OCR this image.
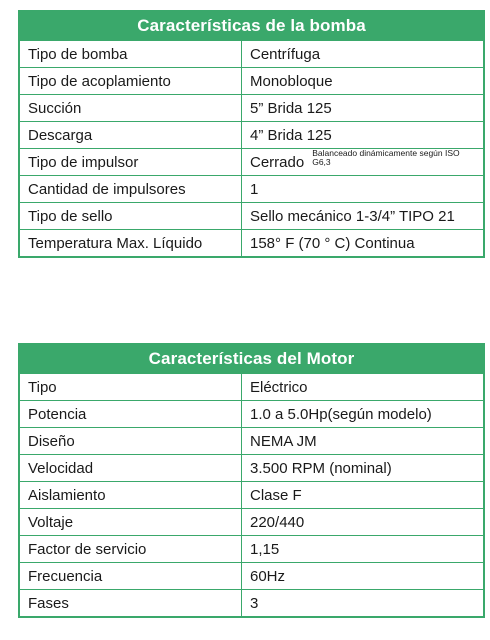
Características de la bomba
Tipo de bomba	Centrífuga
Tipo de acoplamiento	Monobloque
Succión	5” Brida 125
Descarga	4” Brida 125
Tipo de impulsor	Cerrado
Balanceado dinámicamente según ISO G6,3
Cantidad de impulsores	1
Tipo de sello	Sello mecánico 1-3/4” TIPO 21
Temperatura Max. Líquido	158° F (70 ° C) Continua
Características del Motor
Tipo	Eléctrico
Potencia	1.0 a 5.0Hp(según modelo)
Diseño	NEMA JM
Velocidad	3.500 RPM (nominal)
Aislamiento	Clase F
Voltaje	220/440
Factor de servicio	1,15
Frecuencia	60Hz
Fases	3
